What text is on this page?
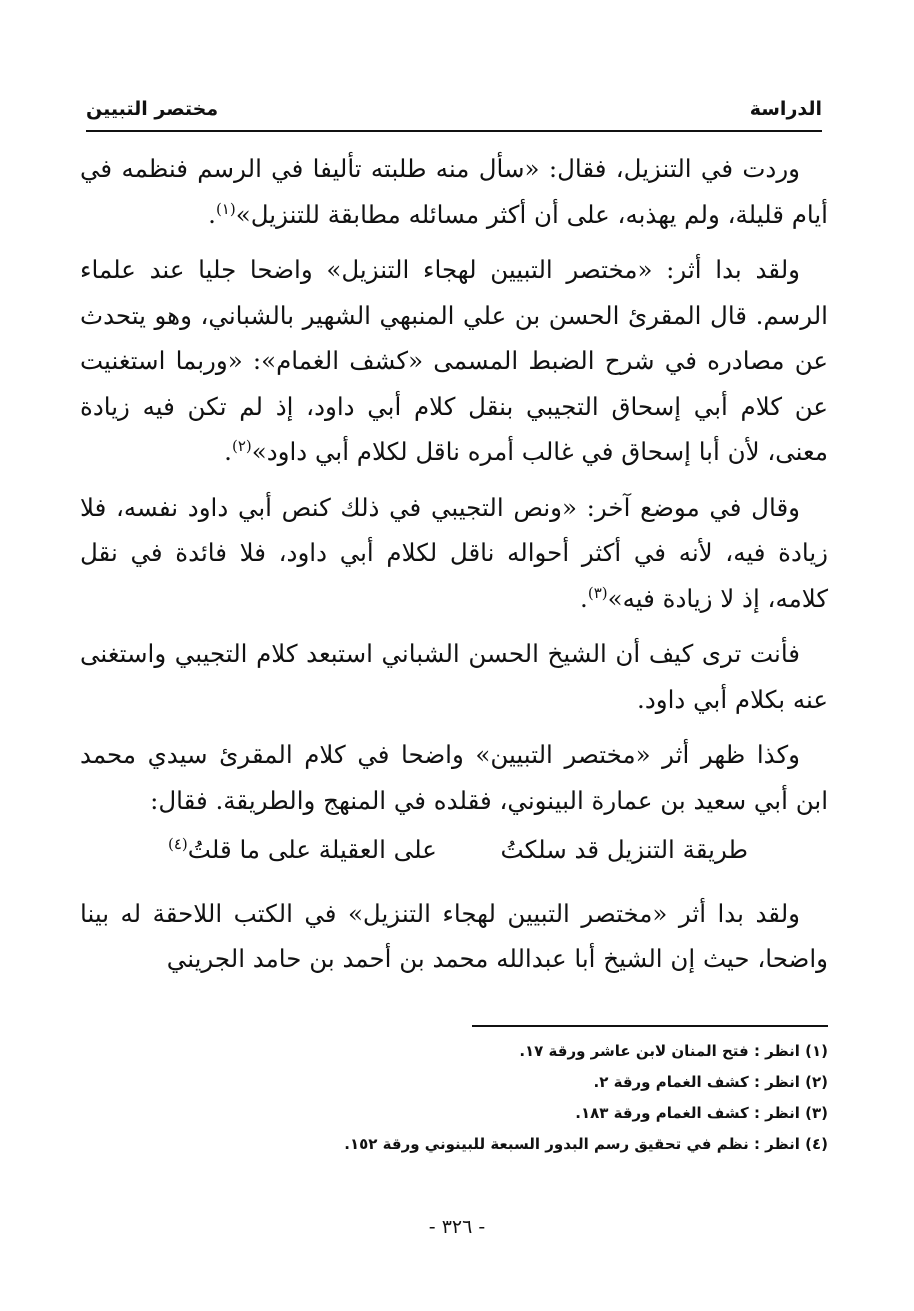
الدراسة
مختصر التبيين

وردت في التنزيل، فقال: «سأل منه طلبته تأليفا في الرسم فنظمه في أيام قليلة، ولم يهذبه، على أن أكثر مسائله مطابقة للتنزيل»$^{(١)}$.

ولقد بدا أثر: «مختصر التبيين لهجاء التنزيل» واضحا جليا عند علماء الرسم. قال المقرئ الحسن بن علي المنبهي الشهير بالشباني، وهو يتحدث عن مصادره في شرح الضبط المسمى «كشف الغمام»: «وربما استغنيت عن كلام أبي إسحاق التجيبي بنقل كلام أبي داود، إذ لم تكن فيه زيادة معنى، لأن أبا إسحاق في غالب أمره ناقل لكلام أبي داود»$^{(٢)}$.

وقال في موضع آخر: «ونص التجيبي في ذلك كنص أبي داود نفسه، فلا زيادة فيه، لأنه في أكثر أحواله ناقل لكلام أبي داود، فلا فائدة في نقل كلامه، إذ لا زيادة فيه»$^{(٣)}$.

فأنت ترى كيف أن الشيخ الحسن الشباني استبعد كلام التجيبي واستغنى عنه بكلام أبي داود.

وكذا ظهر أثر «مختصر التبيين» واضحا في كلام المقرئ سيدي محمد ابن أبي سعيد بن عمارة البينوني، فقلده في المنهج والطريقة. فقال:

طريقة التنزيل قد سلكتُ
على العقيلة على ما قلتُ$^{(٤)}$

ولقد بدا أثر «مختصر التبيين لهجاء التنزيل» في الكتب اللاحقة له بينا واضحا، حيث إن الشيخ أبا عبدالله محمد بن أحمد بن حامد الجريني

(١) انظر : فتح المنان لابن عاشر ورقة ١٧.
(٢) انظر : كشف الغمام ورقة ٢.
(٣) انظر : كشف الغمام ورقة ١٨٣.
(٤) انظر : نظم في تحقيق رسم البدور السبعة للبينوني ورقة ١٥٢.
- ٣٢٦ -
